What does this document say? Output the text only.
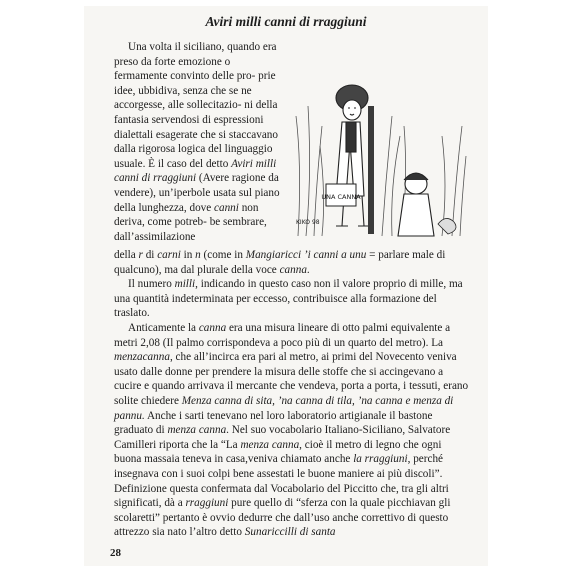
Aviri milli canni di rraggiuni

Una volta il siciliano, quando era preso da forte emozione o fermamente convinto delle pro- prie idee, ubbidiva, senza che se ne accorgesse, alle sollecitazio- ni della fantasia servendosi di espressioni dialettali esagerate che si staccavano dalla rigorosa logica del linguaggio usuale. È il caso del detto Aviri milli canni di rraggiuni (Avere ragione da vendere), un’iperbole usata sul piano della lunghezza, dove canni non deriva, come potreb- be sembrare, dall’assimilazione

UNA CANNA
KIKO 98

della r di carni in n (come in Mangiaricci ’i canni a unu = parlare male di qualcuno), ma dal plurale della voce canna.

Il numero milli, indicando in questo caso non il valore proprio di mille, ma una quantità indeterminata per eccesso, contribuisce alla formazione del traslato.

Anticamente la canna era una misura lineare di otto palmi equivalente a metri 2,08 (Il palmo corrispondeva a poco più di un quarto del metro). La menzacanna, che all’incirca era pari al metro, ai primi del Novecento veniva usato dalle donne per prendere la misura delle stoffe che si accingevano a cucire e quando arrivava il mercante che vendeva, porta a porta, i tessuti, erano solite chiedere Menza canna di sita, ’na canna di tila, ’na canna e menza di pannu. Anche i sarti tenevano nel loro laboratorio artigianale il bastone graduato di menza canna. Nel suo vocabolario Italiano-Siciliano, Salvatore Camilleri riporta che la “La menza canna, cioè il metro di legno che ogni buona massaia teneva in casa,veniva chiamato anche la rraggiuni, perché insegnava con i suoi colpi bene assestati le buone maniere ai più discoli”. Definizione questa confermata dal Vocabolario del Piccitto che, tra gli altri significati, dà a rraggiuni pure quello di “sferza con la quale picchiavan gli scolaretti” pertanto è ovvio dedurre che dall’uso anche correttivo di questo attrezzo sia nato l’altro detto Sunariccilli di santa

28
